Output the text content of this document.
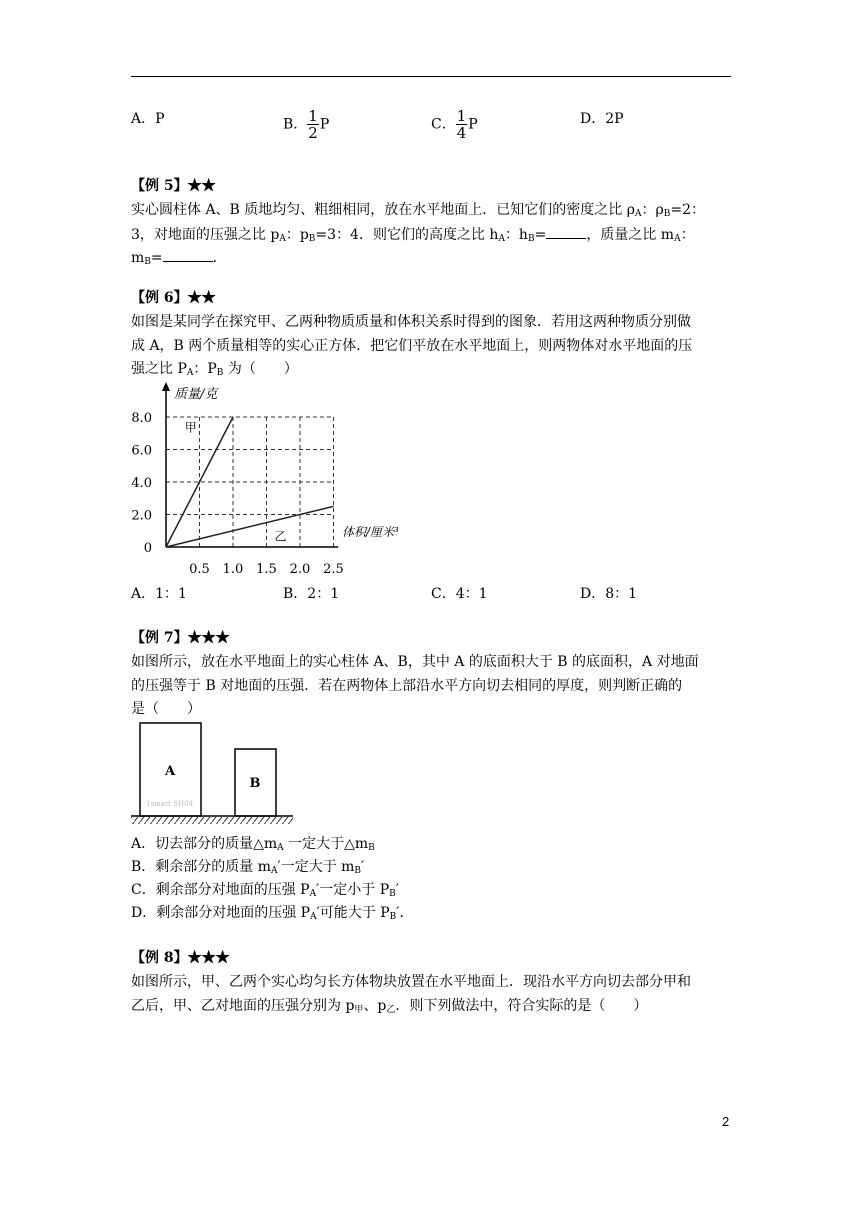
A．P	B． $\frac{1}{2}$ P	C． $\frac{1}{4}$ P	D．2P
【例 5】★★
实心圆柱体 A、B 质地均匀、粗细相同，放在水平地面上．已知它们的密度之比 $\rho_A$：$\rho_B=2$：
3，对地面的压强之比 $p_A$：$p_B=3$：4．则它们的高度之比 $h_A$：$h_B=$	，质量之比 $m_A$：
$m_B=$	．
【例 6】★★
如图是某同学在探究甲、乙两种物质质量和体积关系时得到的图象．若用这两种物质分别做
成 A，B 两个质量相等的实心正方体．把它们平放在水平地面上，则两物体对水平地面的压
强之比 $P_A$：$P_B$ 为（　　）
0.5 1.0 1.5 2.0 2.5
0
2.0
4.0
6.0
8.0
甲
乙
质量/克
体积/厘米³
A．1：1	B．2：1	C．4：1	D．8：1
【例 7】★★★
如图所示，放在水平地面上的实心柱体 A、B，其中 A 的底面积大于 B 的底面积，A 对地面
的压强等于 B 对地面的压强．若在两物体上部沿水平方向切去相同的厚度，则判断正确的
是（　　）
A
1smart SH04
B
A．切去部分的质量$\triangle m_A$ 一定大于$\triangle m_B$
B．剩余部分的质量 $m_A'$一定大于 $m_B'$
C．剩余部分对地面的压强 $P_A'$一定小于 $P_B'$
D．剩余部分对地面的压强 $P_A'$可能大于 $P_B'$.
【例 8】★★★
如图所示，甲、乙两个实心均匀长方体物块放置在水平地面上．现沿水平方向切去部分甲和
乙后，甲、乙对地面的压强分别为 $p_甲$、$p_乙$．则下列做法中，符合实际的是（　　）
2
